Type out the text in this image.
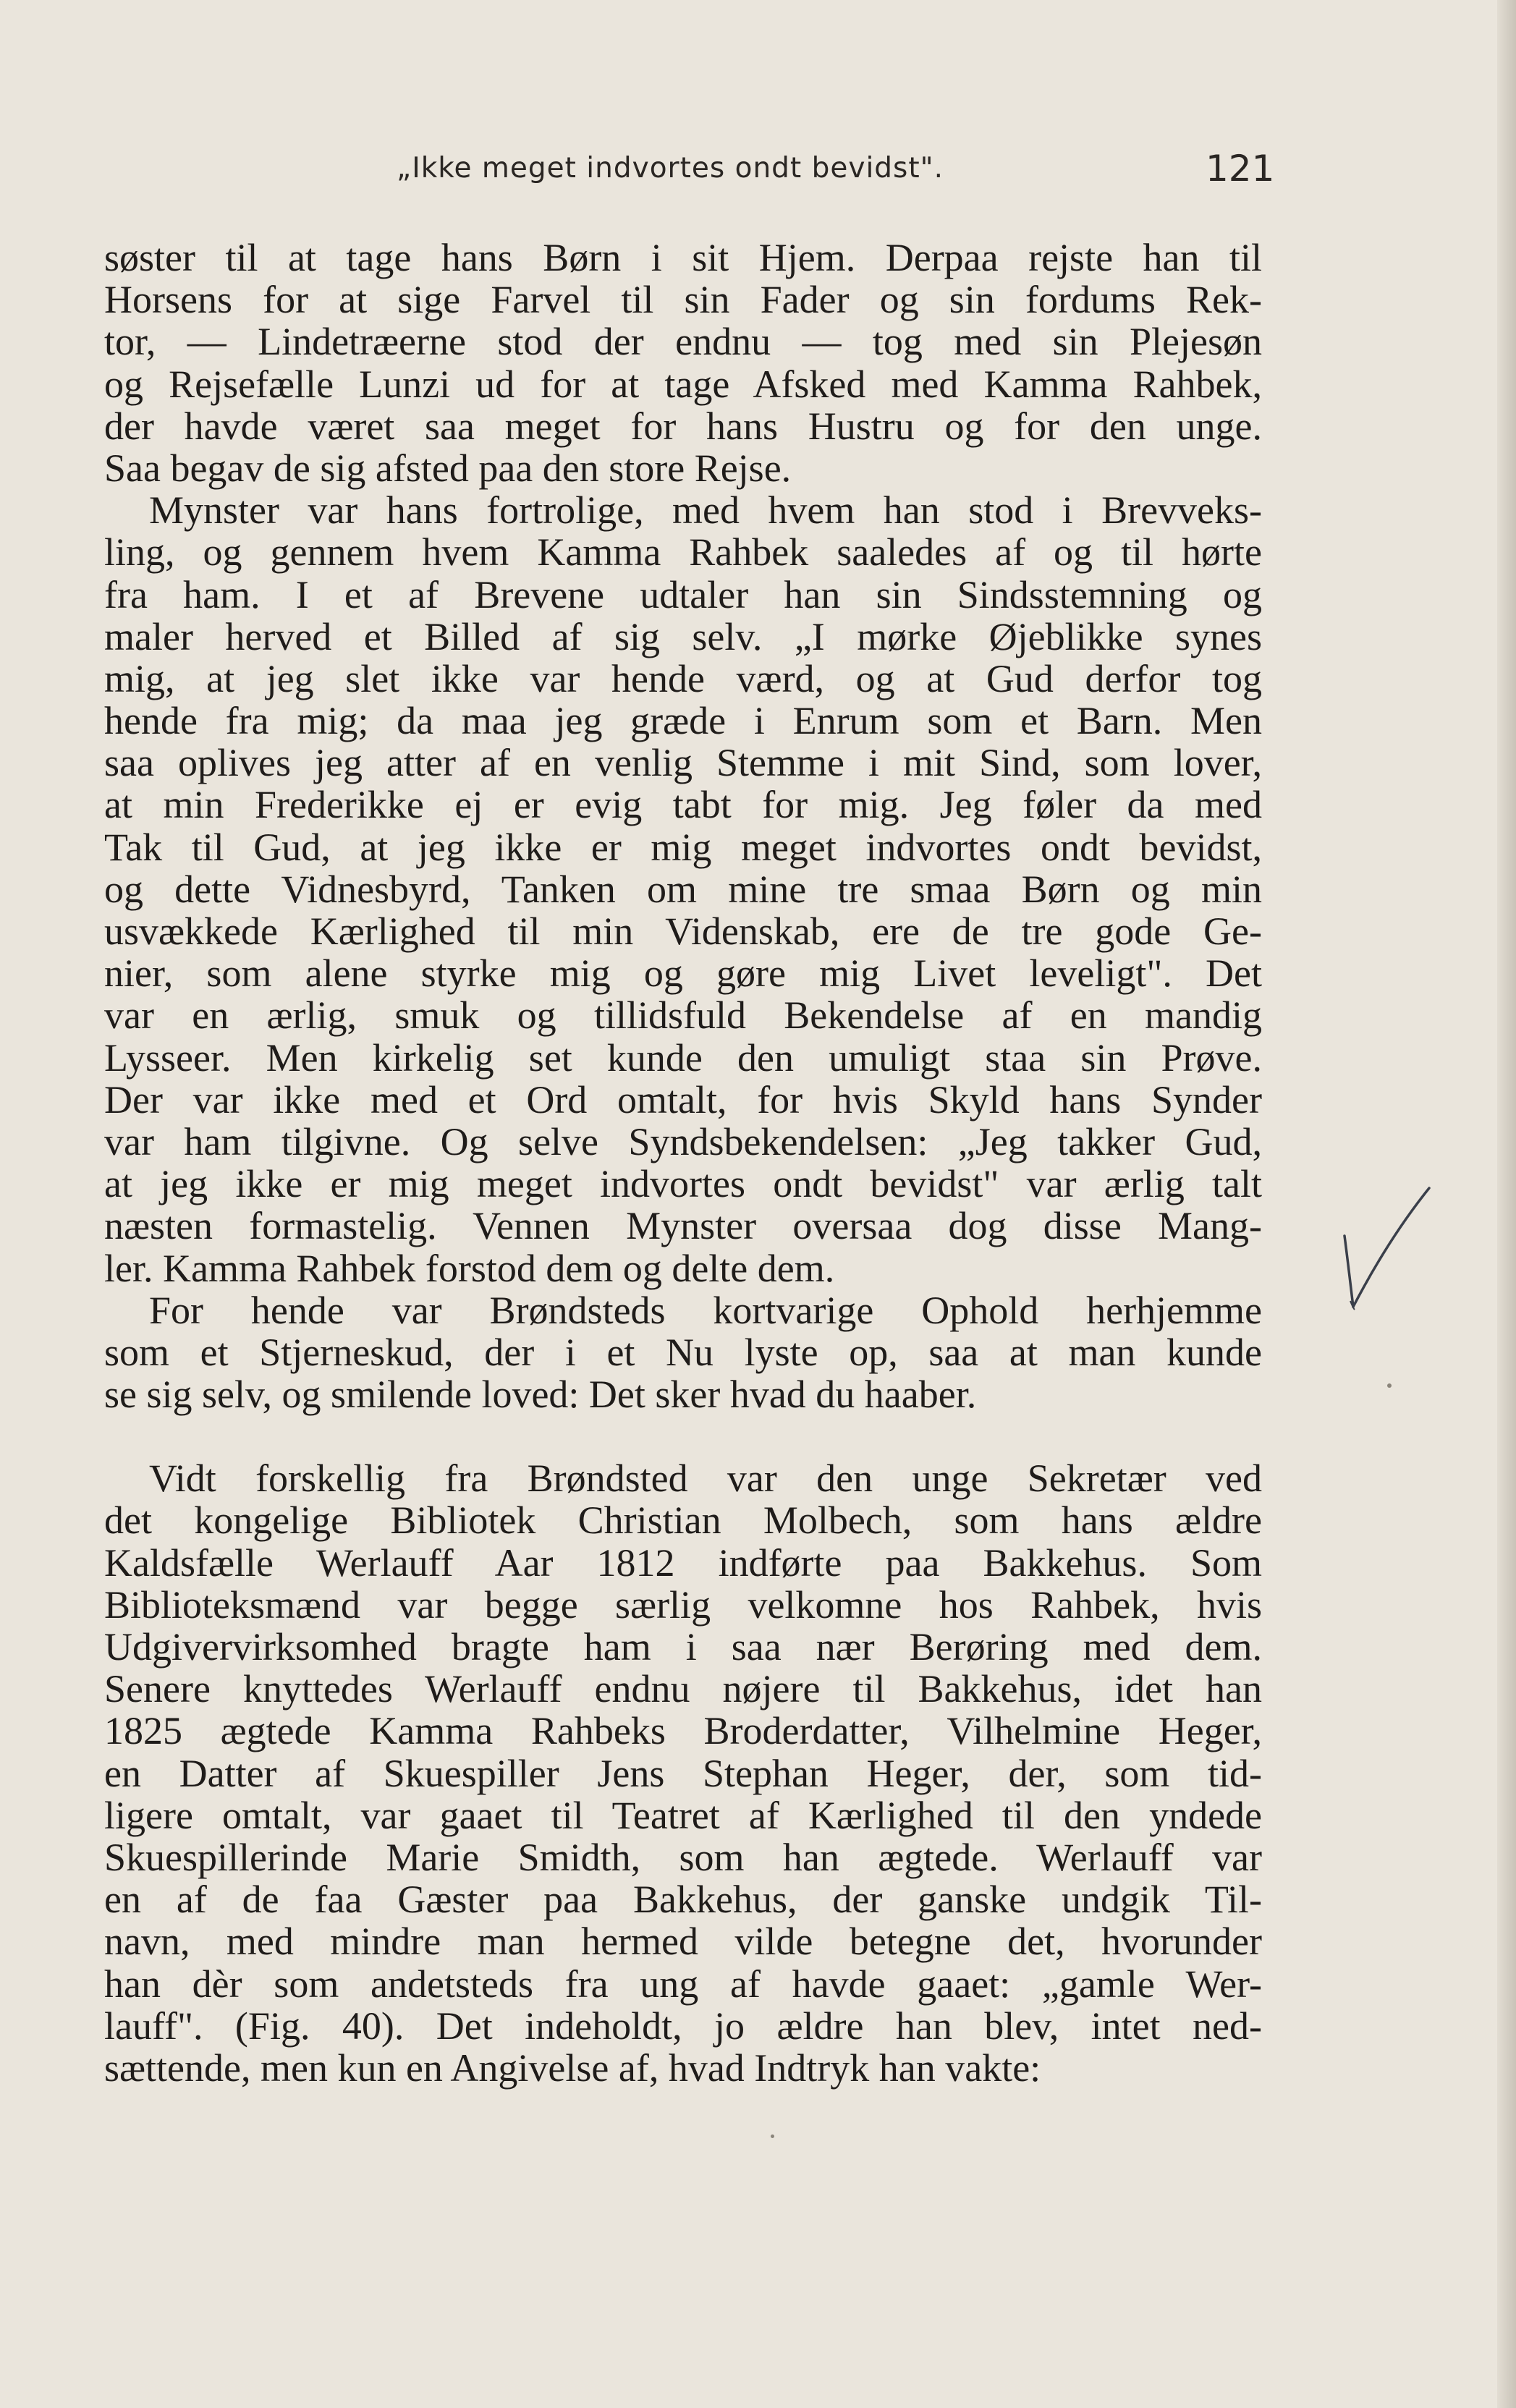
„Ikke meget indvortes ondt bevidst".	121
søster til at tage hans Børn i sit Hjem. Derpaa rejste han til
Horsens for at sige Farvel til sin Fader og sin fordums Rek-
tor, — Lindetræerne stod der endnu — tog med sin Plejesøn
og Rejsefælle Lunzi ud for at tage Afsked med Kamma Rahbek,
der havde været saa meget for hans Hustru og for den unge.
Saa begav de sig afsted paa den store Rejse.
Mynster var hans fortrolige, med hvem han stod i Brevveks-
ling, og gennem hvem Kamma Rahbek saaledes af og til hørte
fra ham. I et af Brevene udtaler han sin Sindsstemning og
maler herved et Billed af sig selv. „I mørke Øjeblikke synes
mig, at jeg slet ikke var hende værd, og at Gud derfor tog
hende fra mig; da maa jeg græde i Enrum som et Barn. Men
saa oplives jeg atter af en venlig Stemme i mit Sind, som lover,
at min Frederikke ej er evig tabt for mig. Jeg føler da med
Tak til Gud, at jeg ikke er mig meget indvortes ondt bevidst,
og dette Vidnesbyrd, Tanken om mine tre smaa Børn og min
usvækkede Kærlighed til min Videnskab, ere de tre gode Ge-
nier, som alene styrke mig og gøre mig Livet leveligt". Det
var en ærlig, smuk og tillidsfuld Bekendelse af en mandig
Lysseer. Men kirkelig set kunde den umuligt staa sin Prøve.
Der var ikke med et Ord omtalt, for hvis Skyld hans Synder
var ham tilgivne. Og selve Syndsbekendelsen: „Jeg takker Gud,
at jeg ikke er mig meget indvortes ondt bevidst" var ærlig talt
næsten formastelig. Vennen Mynster oversaa dog disse Mang-
ler. Kamma Rahbek forstod dem og delte dem.
For hende var Brøndsteds kortvarige Ophold herhjemme
som et Stjerneskud, der i et Nu lyste op, saa at man kunde
se sig selv, og smilende loved: Det sker hvad du haaber.
Vidt forskellig fra Brøndsted var den unge Sekretær ved
det kongelige Bibliotek Christian Molbech, som hans ældre
Kaldsfælle Werlauff Aar 1812 indførte paa Bakkehus. Som
Biblioteksmænd var begge særlig velkomne hos Rahbek, hvis
Udgivervirksomhed bragte ham i saa nær Berøring med dem.
Senere knyttedes Werlauff endnu nøjere til Bakkehus, idet han
1825 ægtede Kamma Rahbeks Broderdatter, Vilhelmine Heger,
en Datter af Skuespiller Jens Stephan Heger, der, som tid-
ligere omtalt, var gaaet til Teatret af Kærlighed til den yndede
Skuespillerinde Marie Smidth, som han ægtede. Werlauff var
en af de faa Gæster paa Bakkehus, der ganske undgik Til-
navn, med mindre man hermed vilde betegne det, hvorunder
han dèr som andetsteds fra ung af havde gaaet: „gamle Wer-
lauff". (Fig. 40). Det indeholdt, jo ældre han blev, intet ned-
sættende, men kun en Angivelse af, hvad Indtryk han vakte:
